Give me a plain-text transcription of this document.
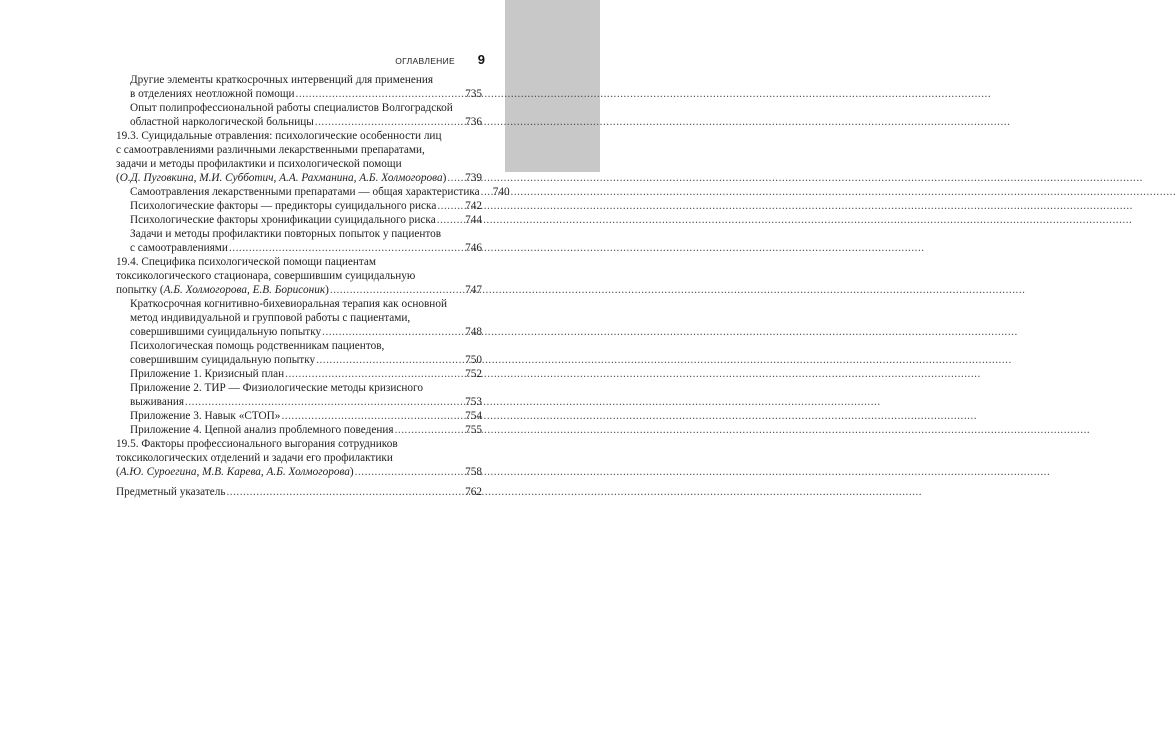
ОГЛАВЛЕНИЕ 9
Другие элементы краткосрочных интервенций для применения
в отделениях неотложной помощи .....	735
Опыт полипрофессиональной работы специалистов Волгоградской
областной наркологической больницы .....	736
19.3. Суицидальные отравления: психологические особенности лиц
с самоотравлениями различными лекарственными препаратами,
задачи и методы профилактики и психологической помощи
(О.Д. Пуговкина, М.И. Субботич, А.А. Рахманина, А.Б. Холмогорова) .....	739
Самоотравления лекарственными препаратами — общая характеристика .....	740
Психологические факторы — предикторы суицидального риска .....	742
Психологические факторы хронификации суицидального риска .....	744
Задачи и методы профилактики повторных попыток у пациентов
с самоотравлениями .....	746
19.4. Специфика психологической помощи пациентам
токсикологического стационара, совершившим суицидальную
попытку (А.Б. Холмогорова, Е.В. Борисоник) .....	747
Краткосрочная когнитивно-бихевиоральная терапия как основной
метод индивидуальной и групповой работы с пациентами,
совершившими суицидальную попытку .....	748
Психологическая помощь родственникам пациентов,
совершившим суицидальную попытку .....	750
Приложение 1. Кризисный план .....	752
Приложение 2. ТИР — Физиологические методы кризисного
выживания .....	753
Приложение 3. Навык «СТОП» .....	754
Приложение 4. Цепной анализ проблемного поведения .....	755
19.5. Факторы профессионального выгорания сотрудников
токсикологических отделений и задачи его профилактики
(А.Ю. Суроегина, М.В. Карева, А.Б. Холмогорова) .....	758
Предметный указатель .....	762
